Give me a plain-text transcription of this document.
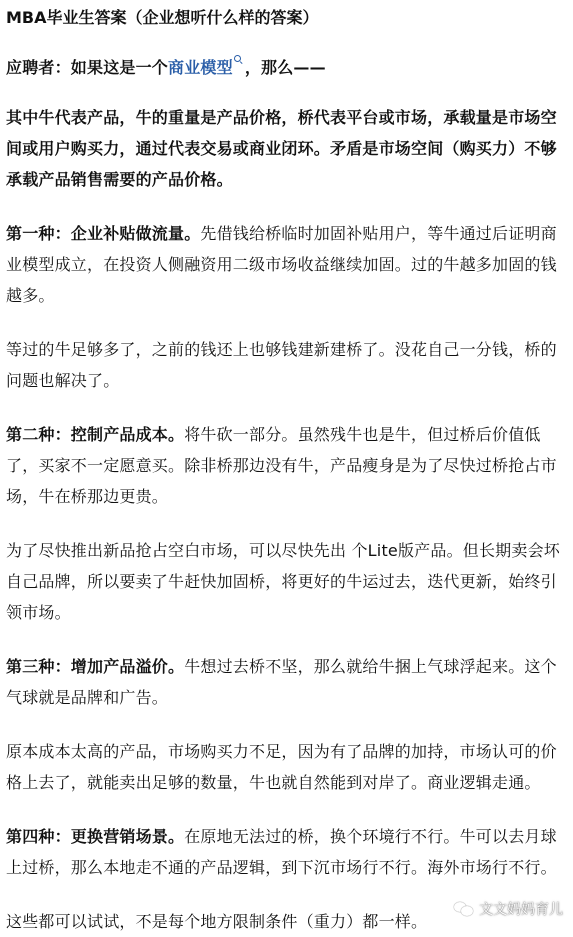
MBA毕业生答案（企业想听什么样的答案）
应聘者：如果这是一个商业模型 ，那么——
其中牛代表产品，牛的重量是产品价格，桥代表平台或市场，承载量是市场空间或用户购买力，通过代表交易或商业闭环。矛盾是市场空间（购买力）不够承载产品销售需要的产品价格。
第一种：企业补贴做流量。先借钱给桥临时加固补贴用户，等牛通过后证明商业模型成立，在投资人侧融资用二级市场收益继续加固。过的牛越多加固的钱越多。
等过的牛足够多了，之前的钱还上也够钱建新建桥了。没花自己一分钱，桥的问题也解决了。
第二种：控制产品成本。将牛砍一部分。虽然残牛也是牛，但过桥后价值低了，买家不一定愿意买。除非桥那边没有牛，产品瘦身是为了尽快过桥抢占市场，牛在桥那边更贵。
为了尽快推出新品抢占空白市场，可以尽快先出 个Lite版产品。但长期卖会坏自己品牌，所以要卖了牛赶快加固桥，将更好的牛运过去，迭代更新，始终引领市场。
第三种：增加产品溢价。牛想过去桥不坚，那么就给牛捆上气球浮起来。这个气球就是品牌和广告。
原本成本太高的产品，市场购买力不足，因为有了品牌的加持，市场认可的价格上去了，就能卖出足够的数量，牛也就自然能到对岸了。商业逻辑走通。
第四种：更换营销场景。在原地无法过的桥，换个环境行不行。牛可以去月球上过桥，那么本地走不通的产品逻辑，到下沉市场行不行。海外市场行不行。
这些都可以试试，不是每个地方限制条件（重力）都一样。
文文妈妈育儿
